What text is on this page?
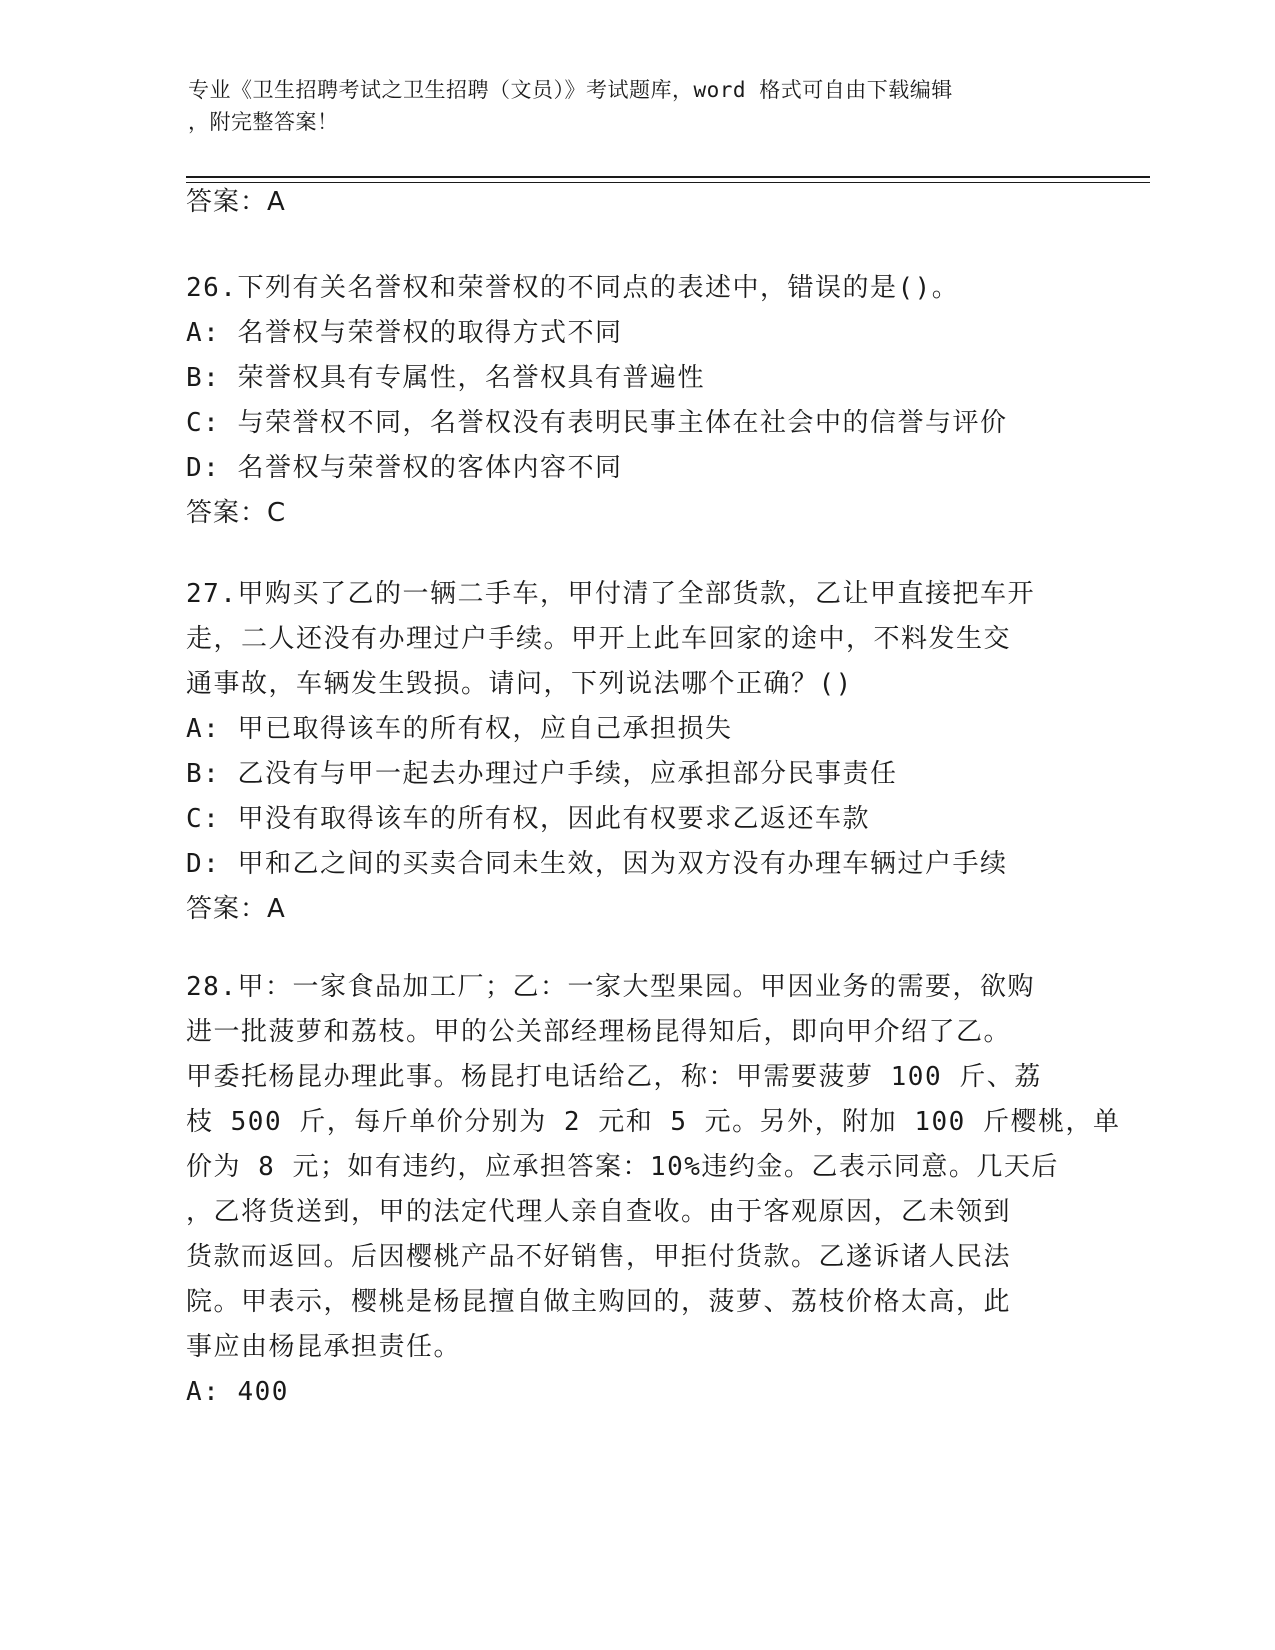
专业《卫生招聘考试之卫生招聘（文员）》考试题库，word 格式可自由下载编辑
，附完整答案！
答案：A
26.下列有关名誉权和荣誉权的不同点的表述中，错误的是()。
A: 名誉权与荣誉权的取得方式不同
B: 荣誉权具有专属性，名誉权具有普遍性
C: 与荣誉权不同，名誉权没有表明民事主体在社会中的信誉与评价
D: 名誉权与荣誉权的客体内容不同
答案：C
27.甲购买了乙的一辆二手车，甲付清了全部货款，乙让甲直接把车开
走，二人还没有办理过户手续。甲开上此车回家的途中，不料发生交
通事故，车辆发生毁损。请问，下列说法哪个正确？()
A: 甲已取得该车的所有权，应自己承担损失
B: 乙没有与甲一起去办理过户手续，应承担部分民事责任
C: 甲没有取得该车的所有权，因此有权要求乙返还车款
D: 甲和乙之间的买卖合同未生效，因为双方没有办理车辆过户手续
答案：A
28.甲：一家食品加工厂；乙：一家大型果园。甲因业务的需要，欲购
进一批菠萝和荔枝。甲的公关部经理杨昆得知后，即向甲介绍了乙。
甲委托杨昆办理此事。杨昆打电话给乙，称：甲需要菠萝 100 斤、荔
枝 500 斤，每斤单价分别为 2 元和 5 元。另外，附加 100 斤樱桃，单
价为 8 元；如有违约，应承担答案：10%违约金。乙表示同意。几天后
，乙将货送到，甲的法定代理人亲自查收。由于客观原因，乙未领到
货款而返回。后因樱桃产品不好销售，甲拒付货款。乙遂诉诸人民法
院。甲表示，樱桃是杨昆擅自做主购回的，菠萝、荔枝价格太高，此
事应由杨昆承担责任。
A: 400
